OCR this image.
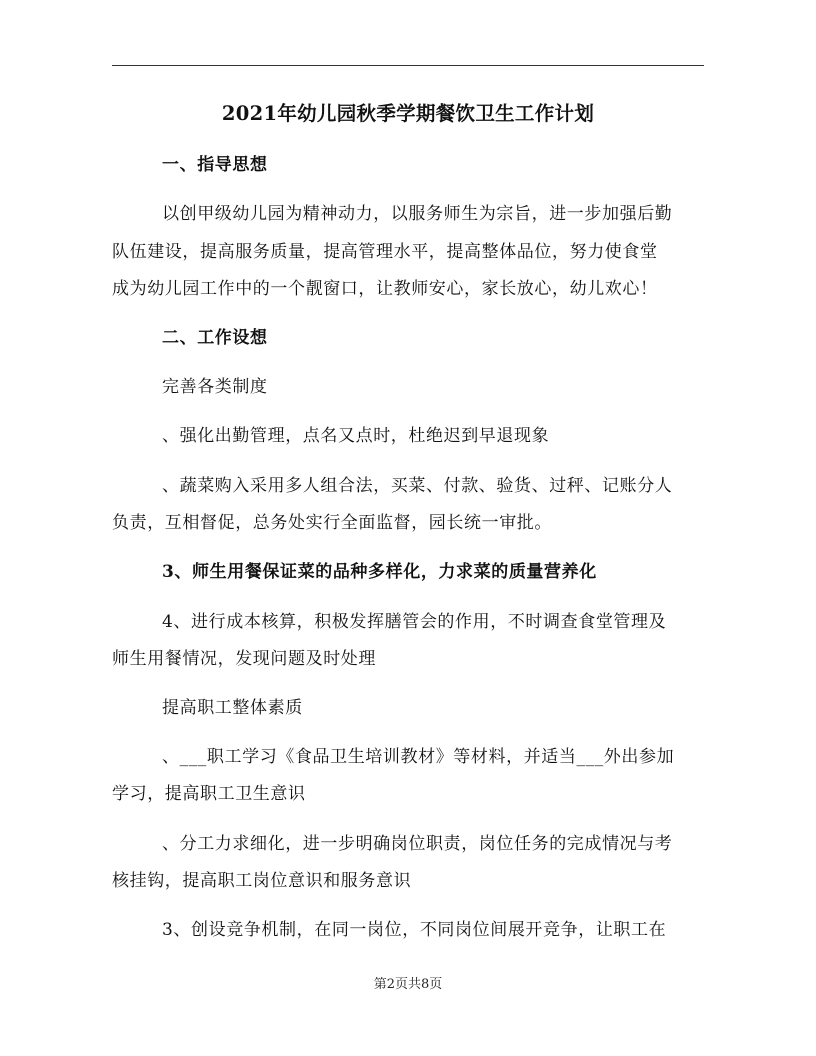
2021年幼儿园秋季学期餐饮卫生工作计划
一、指导思想
以创甲级幼儿园为精神动力，以服务师生为宗旨，进一步加强后勤
队伍建设，提高服务质量，提高管理水平，提高整体品位，努力使食堂
成为幼儿园工作中的一个靓窗口，让教师安心，家长放心，幼儿欢心！
二、工作设想
完善各类制度
、强化出勤管理，点名又点时，杜绝迟到早退现象
、蔬菜购入采用多人组合法，买菜、付款、验货、过秤、记账分人
负责，互相督促，总务处实行全面监督，园长统一审批。
3、师生用餐保证菜的品种多样化，力求菜的质量营养化
4、进行成本核算，积极发挥膳管会的作用，不时调查食堂管理及
师生用餐情况，发现问题及时处理
提高职工整体素质
、___职工学习《食品卫生培训教材》等材料，并适当___外出参加
学习，提高职工卫生意识
、分工力求细化，进一步明确岗位职责，岗位任务的完成情况与考
核挂钩，提高职工岗位意识和服务意识
3、创设竞争机制，在同一岗位，不同岗位间展开竞争，让职工在
第2页共8页
